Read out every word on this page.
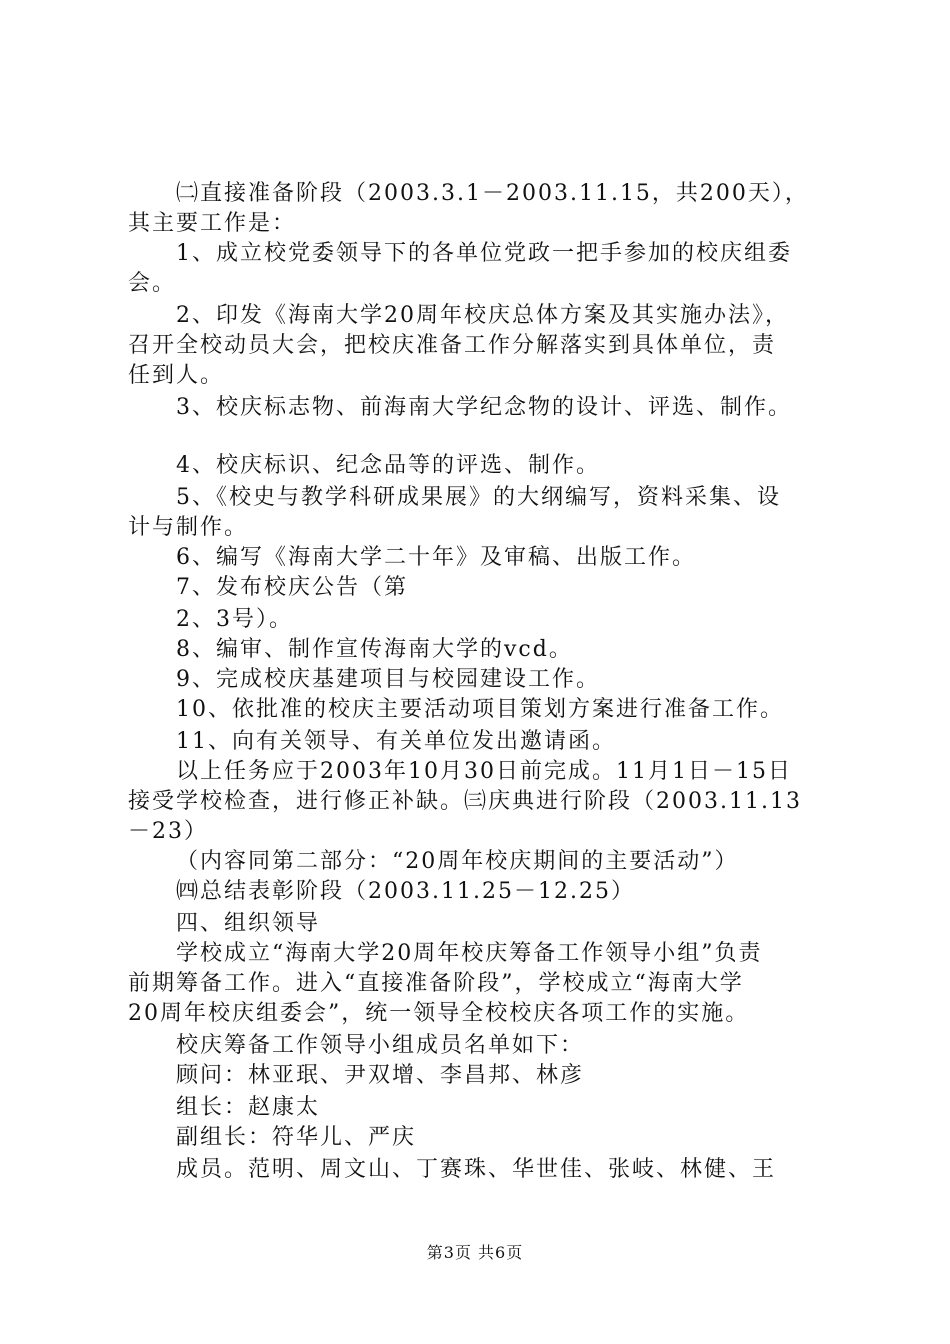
㈡直接准备阶段（2003.3.1－2003.11.15，共200天），
其主要工作是：
1、成立校党委领导下的各单位党政一把手参加的校庆组委
会。
2、印发《海南大学20周年校庆总体方案及其实施办法》，
召开全校动员大会，把校庆准备工作分解落实到具体单位，责
任到人。
3、校庆标志物、前海南大学纪念物的设计、评选、制作。
4、校庆标识、纪念品等的评选、制作。
5、《校史与教学科研成果展》的大纲编写，资料采集、设
计与制作。
6、编写《海南大学二十年》及审稿、出版工作。
7、发布校庆公告（第
2、3号）。
8、编审、制作宣传海南大学的vcd。
9、完成校庆基建项目与校园建设工作。
10、依批准的校庆主要活动项目策划方案进行准备工作。
11、向有关领导、有关单位发出邀请函。
以上任务应于2003年10月30日前完成。11月1日－15日
接受学校检查，进行修正补缺。㈢庆典进行阶段（2003.11.13
－23）
（内容同第二部分：“20周年校庆期间的主要活动”）
㈣总结表彰阶段（2003.11.25－12.25）
四、组织领导
学校成立“海南大学20周年校庆筹备工作领导小组”负责
前期筹备工作。进入“直接准备阶段”，学校成立“海南大学
20周年校庆组委会”，统一领导全校校庆各项工作的实施。
校庆筹备工作领导小组成员名单如下：
顾问：林亚珉、尹双增、李昌邦、林彦
组长：赵康太
副组长：符华儿、严庆
成员。范明、周文山、丁赛珠、华世佳、张岐、林健、王
第3页 共6页
